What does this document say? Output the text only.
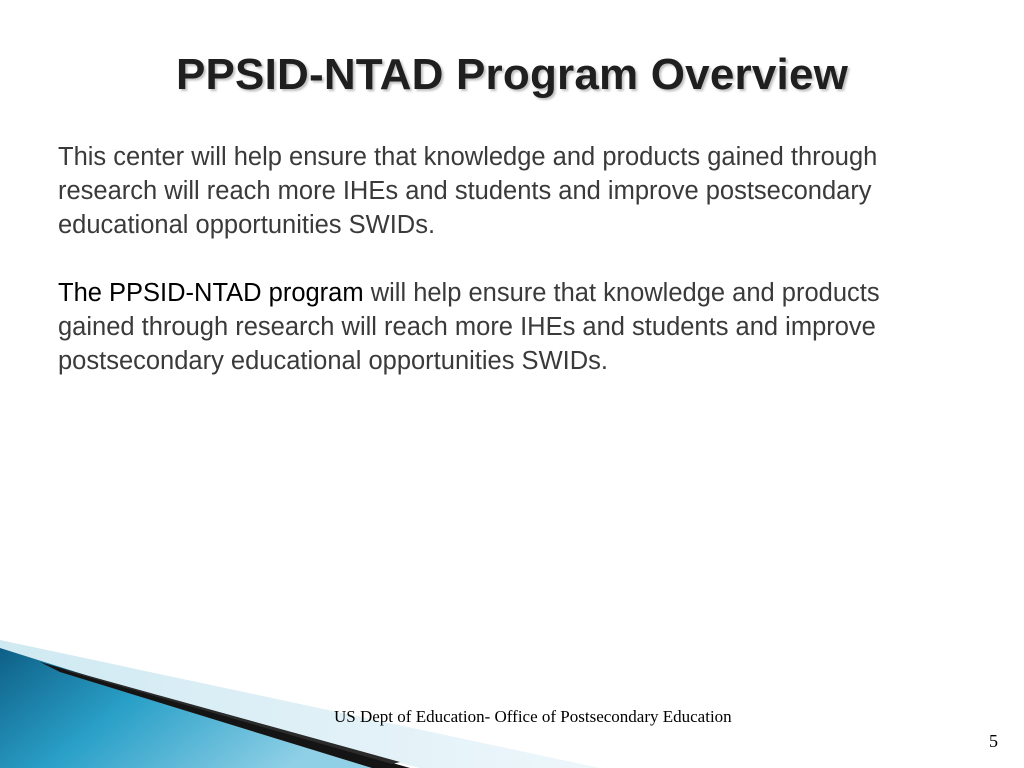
PPSID-NTAD Program Overview

This center will help ensure that knowledge and products gained through research will reach more IHEs and students and improve postsecondary educational opportunities SWIDs.

The PPSID-NTAD program will help ensure that knowledge and products gained through research will reach more IHEs and students and improve postsecondary educational opportunities SWIDs.

US Dept of Education- Office of Postsecondary Education
5
